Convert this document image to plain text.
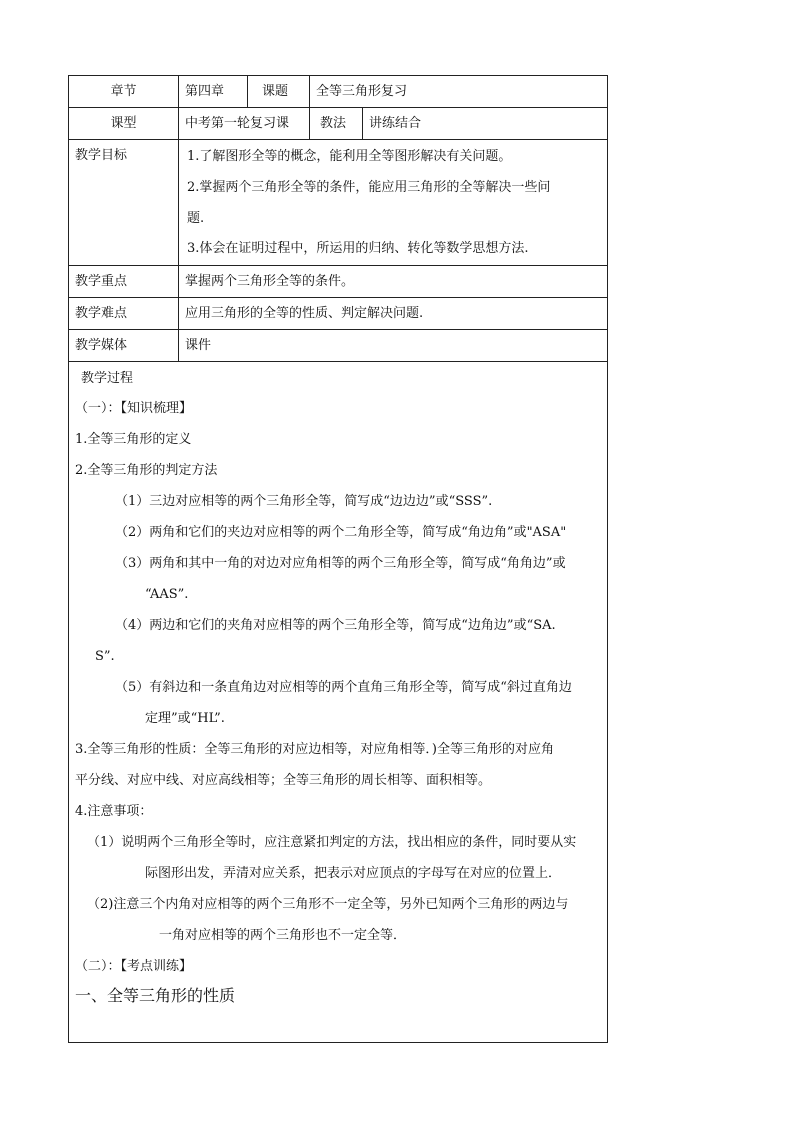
章节	第四章	课题	全等三角形复习
课型	中考第一轮复习课	教法	讲练结合
教学目标	1.了解图形全等的概念，能利用全等图形解决有关问题。
2.掌握两个三角形全等的条件，能应用三角形的全等解决一些问
题.
3.体会在证明过程中，所运用的归纳、转化等数学思想方法.
教学重点	掌握两个三角形全等的条件。
教学难点	应用三角形的全等的性质、判定解决问题.
教学媒体	课件
教学过程
（一）：【知识梳理】
1.全等三角形的定义
2.全等三角形的判定方法
（1）三边对应相等的两个三角形全等，简写成“边边边”或“SSS”.
（2）两角和它们的夹边对应相等的两个二角形全等，简写成“角边角”或"ASA"
（3）两角和其中一角的对边对应角相等的两个三角形全等，简写成“角角边”或
“AAS”.
（4）两边和它们的夹角对应相等的两个三角形全等，简写成“边角边”或“SA.
S”.
（5）有斜边和一条直角边对应相等的两个直角三角形全等，简写成“斜过直角边
定理”或“HL”.
3.全等三角形的性质：全等三角形的对应边相等，对应角相等．)全等三角形的对应角
平分线、对应中线、对应高线相等；全等三角形的周长相等、面积相等。
4.注意事项：
（1）说明两个三角形全等时，应注意紧扣判定的方法，找出相应的条件，同时要从实
际图形出发，弄清对应关系，把表示对应顶点的字母写在对应的位置上．
（2)注意三个内角对应相等的两个三角形不一定全等，另外已知两个三角形的两边与
一角对应相等的两个三角形也不一定全等．
（二）：【考点训练】
一、全等三角形的性质
